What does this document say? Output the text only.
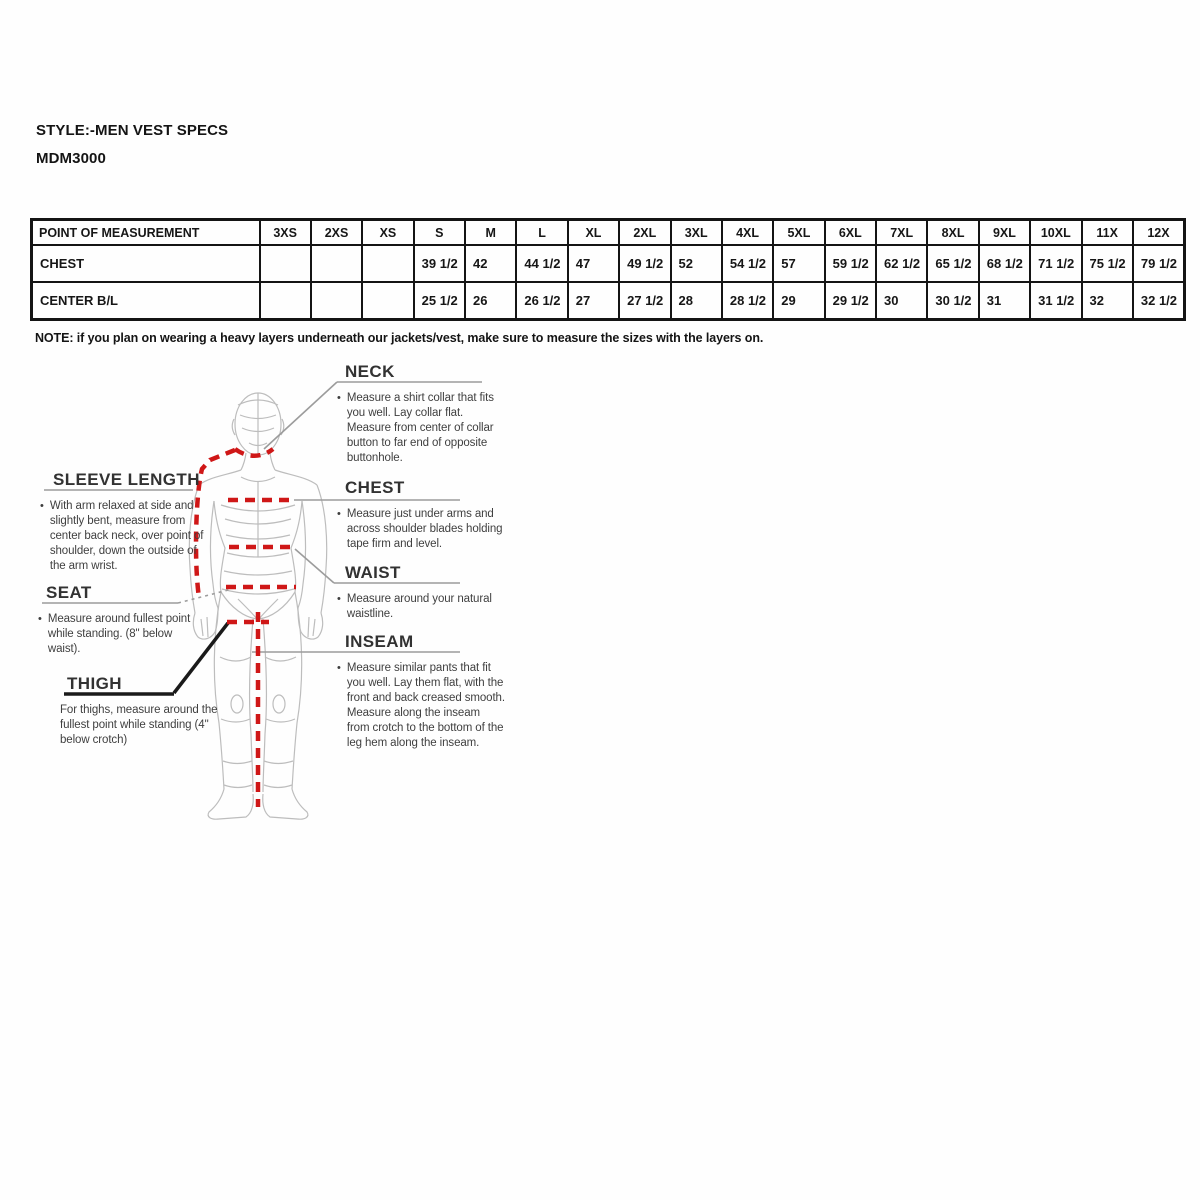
STYLE:-MEN VEST SPECS
MDM3000
POINT OF MEASUREMENT	3XS	2XS	XS	S	M	L	XL	2XL	3XL	4XL	5XL	6XL	7XL	8XL	9XL	10XL	11X	12X
CHEST				39 1/2	42	44 1/2	47	49 1/2	52	54 1/2	57	59 1/2	62 1/2	65 1/2	68 1/2	71 1/2	75 1/2	79 1/2
CENTER B/L				25 1/2	26	26 1/2	27	27 1/2	28	28 1/2	29	29 1/2	30	30 1/2	31	31 1/2	32	32 1/2
NOTE: if you plan on wearing a heavy layers underneath our jackets/vest, make sure to measure the sizes with the layers on.
NECK
• Measure a shirt collar that fits you well. Lay collar flat. Measure from center of collar button to far end of opposite buttonhole.
SLEEVE LENGTH
• With arm relaxed at side and slightly bent, measure from center back neck, over point of shoulder, down the outside of the arm wrist.
CHEST
• Measure just under arms and across shoulder blades holding tape firm and level.
SEAT
• Measure around fullest point while standing. (8" below waist).
WAIST
• Measure around your natural waistline.
THIGH
For thighs, measure around the fullest point while standing (4" below crotch)
INSEAM
• Measure similar pants that fit you well. Lay them flat, with the front and back creased smooth. Measure along the inseam from crotch to the bottom of the leg hem along the inseam.
